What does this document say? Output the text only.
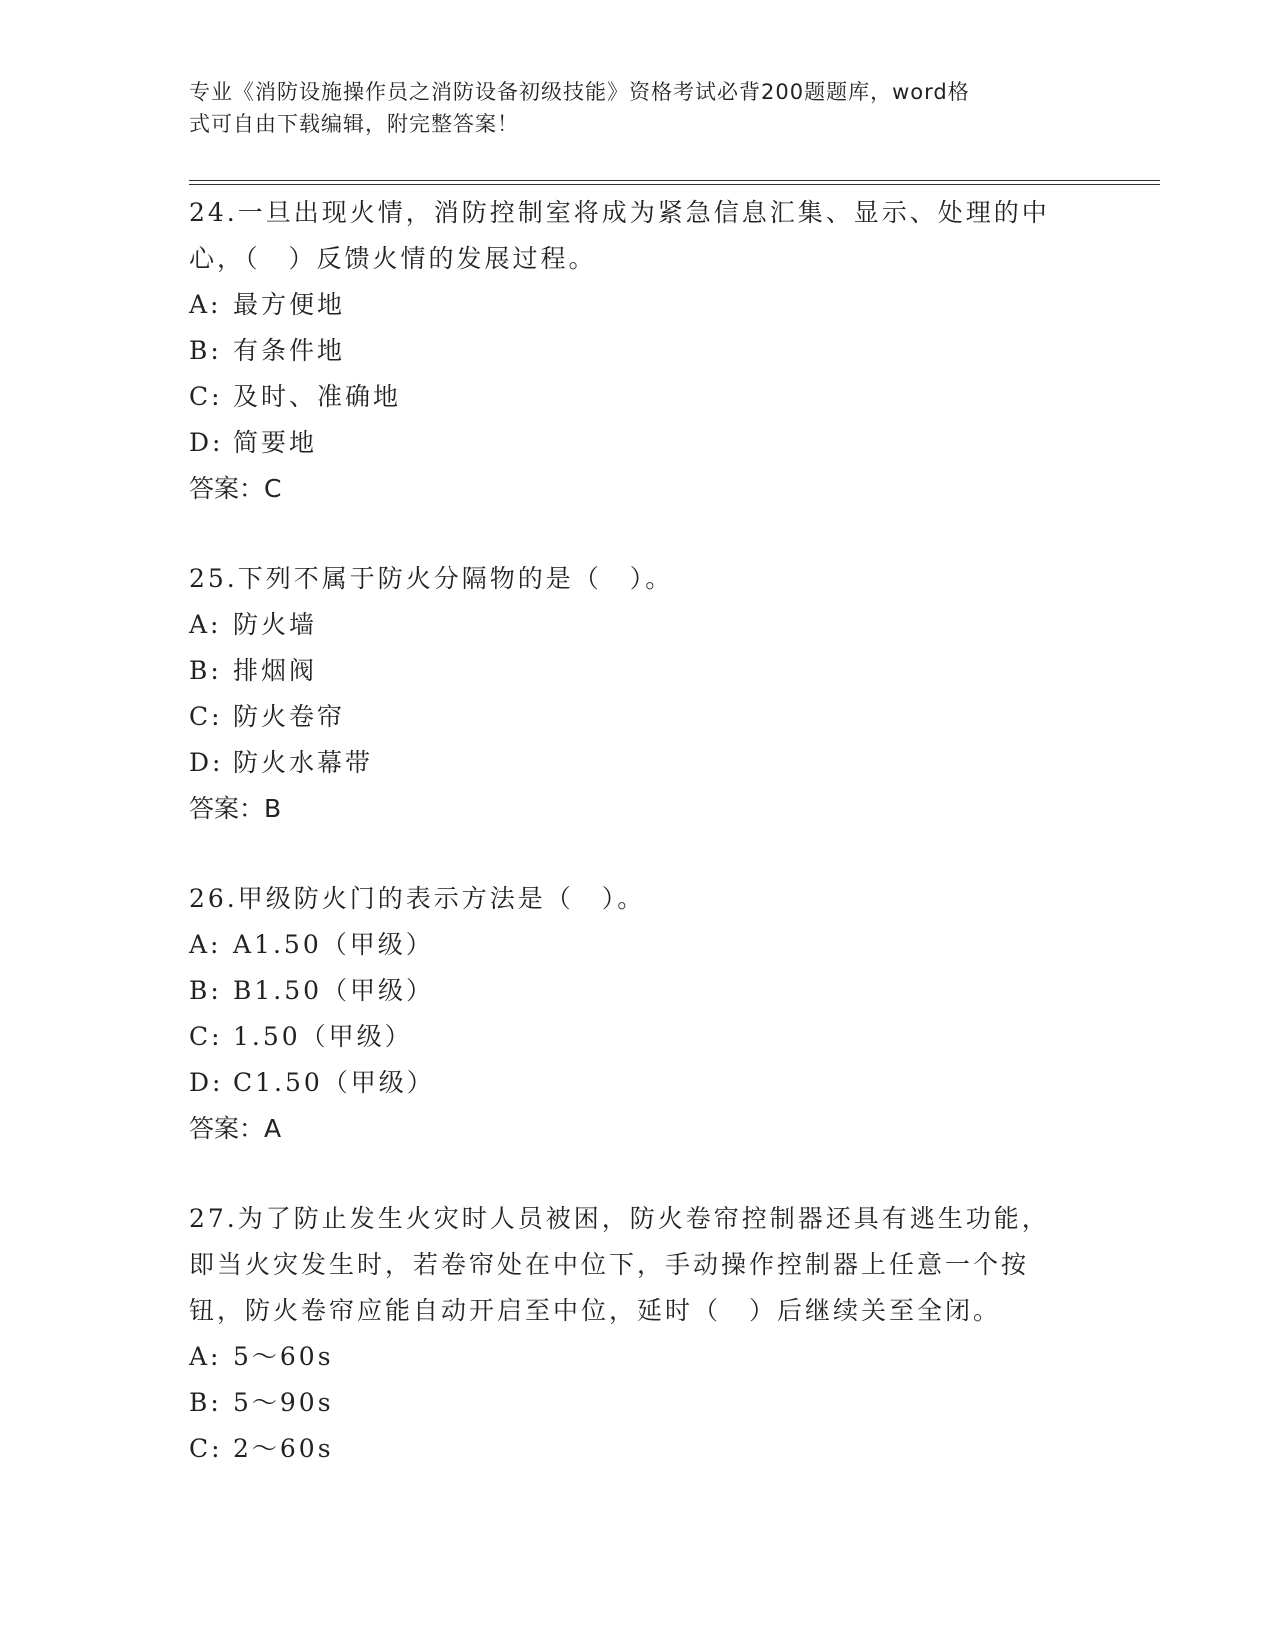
专业《消防设施操作员之消防设备初级技能》资格考试必背200题题库，word格
式可自由下载编辑，附完整答案！

24.一旦出现火情，消防控制室将成为紧急信息汇集、显示、处理的中

心，（　）反馈火情的发展过程。

A: 最方便地

B: 有条件地

C: 及时、准确地

D: 简要地

答案：C

25.下列不属于防火分隔物的是（　）。

A: 防火墙

B: 排烟阀

C: 防火卷帘

D: 防火水幕带

答案：B

26.甲级防火门的表示方法是（　）。

A: A1.50（甲级）

B: B1.50（甲级）

C: 1.50（甲级）

D: C1.50（甲级）

答案：A

27.为了防止发生火灾时人员被困，防火卷帘控制器还具有逃生功能，

即当火灾发生时，若卷帘处在中位下，手动操作控制器上任意一个按

钮，防火卷帘应能自动开启至中位，延时（　）后继续关至全闭。

A: 5～60s

B: 5～90s

C: 2～60s
